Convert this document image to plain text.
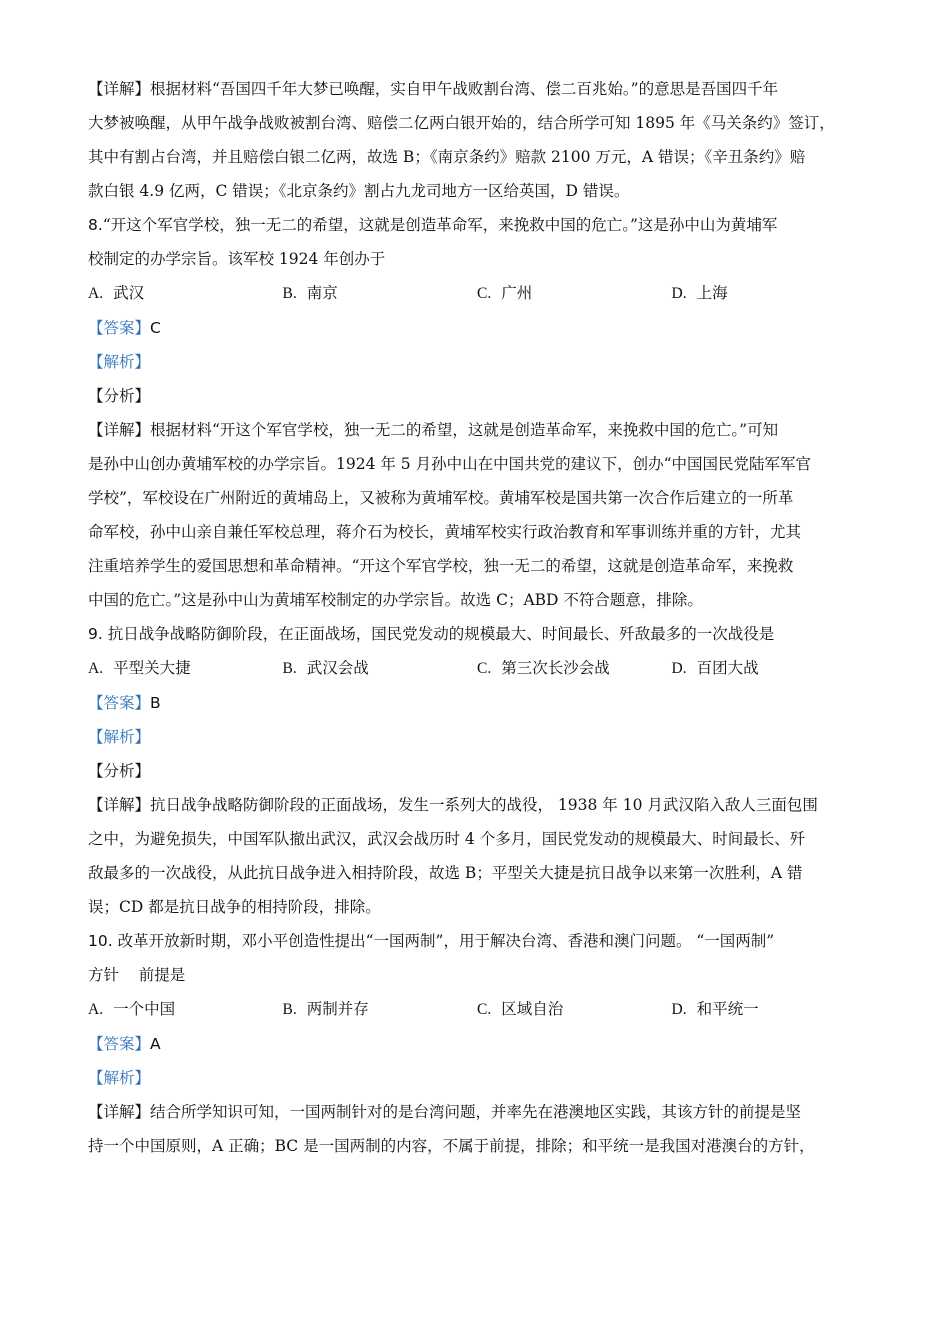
【详解】根据材料“吾国四千年大梦已唤醒，实自甲午战败割台湾、偿二百兆始。”的意思是吾国四千年

大梦被唤醒，从甲午战争战败被割台湾、赔偿二亿两白银开始的，结合所学可知 1895 年《马关条约》签订，

其中有割占台湾，并且赔偿白银二亿两，故选 B；《南京条约》赔款 2100 万元，A 错误；《辛丑条约》赔

款白银 4.9 亿两，C 错误；《北京条约》割占九龙司地方一区给英国，D 错误。

8.“开这个军官学校，独一无二的希望，这就是创造革命军，来挽救中国的危亡。”这是孙中山为黄埔军

校制定的办学宗旨。该军校 1924 年创办于

A. 武汉	B. 南京	C. 广州	D. 上海

【答案】C

【解析】

【分析】

【详解】根据材料“开这个军官学校，独一无二的希望，这就是创造革命军，来挽救中国的危亡。”可知

是孙中山创办黄埔军校的办学宗旨。1924 年 5 月孙中山在中国共党的建议下，创办“中国国民党陆军军官

学校”，军校设在广州附近的黄埔岛上，又被称为黄埔军校。黄埔军校是国共第一次合作后建立的一所革

命军校，孙中山亲自兼任军校总理，蒋介石为校长，黄埔军校实行政治教育和军事训练并重的方针，尤其

注重培养学生的爱国思想和革命精神。“开这个军官学校，独一无二的希望，这就是创造革命军，来挽救

中国的危亡。”这是孙中山为黄埔军校制定的办学宗旨。故选 C；ABD 不符合题意，排除。

9. 抗日战争战略防御阶段，在正面战场，国民党发动的规模最大、时间最长、歼敌最多的一次战役是

A. 平型关大捷	B. 武汉会战	C. 第三次长沙会战	D. 百团大战

【答案】B

【解析】

【分析】

【详解】抗日战争战略防御阶段的正面战场，发生一系列大的战役， 1938 年 10 月武汉陷入敌人三面包围

之中，为避免损失，中国军队撤出武汉，武汉会战历时 4 个多月，国民党发动的规模最大、时间最长、歼

敌最多的一次战役，从此抗日战争进入相持阶段，故选 B；平型关大捷是抗日战争以来第一次胜利，A 错

误；CD 都是抗日战争的相持阶段，排除。

10. 改革开放新时期，邓小平创造性提出“一国两制”，用于解决台湾、香港和澳门问题。 “一国两制”

方针    前提是

A. 一个中国	B. 两制并存	C. 区域自治	D. 和平统一

【答案】A

【解析】

【详解】结合所学知识可知，一国两制针对的是台湾问题，并率先在港澳地区实践，其该方针的前提是坚

持一个中国原则，A 正确；BC 是一国两制的内容，不属于前提，排除；和平统一是我国对港澳台的方针，
